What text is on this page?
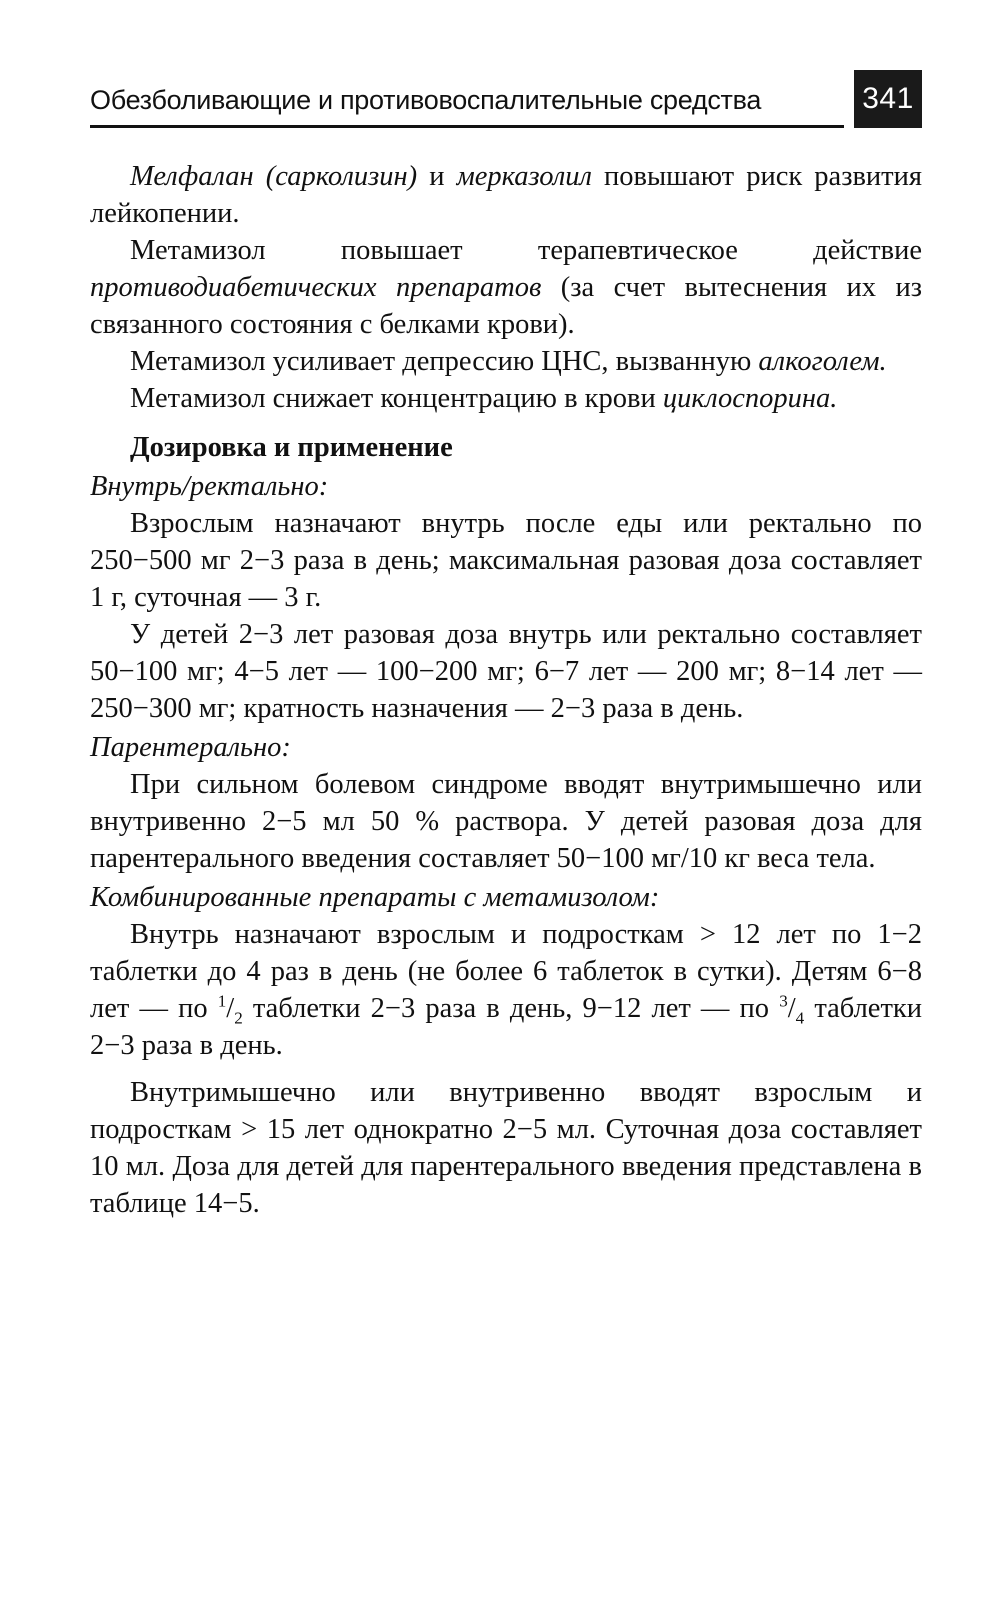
Обезболивающие и противовоспалительные средства	341

Мелфалан (сарколизин) и мерказолил повышают риск развития лейкопении.

Метамизол повышает терапевтическое действие противодиабетических препаратов (за счет вытеснения их из связанного состояния с белками крови).

Метамизол усиливает депрессию ЦНС, вызванную алкоголем.

Метамизол снижает концентрацию в крови циклоспорина.

Дозировка и применение

Внутрь/ректально:

Взрослым назначают внутрь после еды или ректально по 250−500 мг 2−3 раза в день; максимальная разовая доза составляет 1 г, суточная — 3 г.

У детей 2−3 лет разовая доза внутрь или ректально составляет 50−100 мг; 4−5 лет — 100−200 мг; 6−7 лет — 200 мг; 8−14 лет — 250−300 мг; кратность назначения — 2−3 раза в день.

Парентерально:

При сильном болевом синдроме вводят внутримышечно или внутривенно 2−5 мл 50 % раствора. У детей разовая доза для парентерального введения составляет 50−100 мг/10 кг веса тела.

Комбинированные препараты с метамизолом:

Внутрь назначают взрослым и подросткам > 12 лет по 1−2 таблетки до 4 раз в день (не более 6 таблеток в сутки). Детям 6−8 лет — по $^1/_2$ таблетки 2−3 раза в день, 9−12 лет — по $^3/_4$ таблетки 2−3 раза в день.

Внутримышечно или внутривенно вводят взрослым и подросткам > 15 лет однократно 2−5 мл. Суточная доза составляет 10 мл. Доза для детей для парентерального введения представлена в таблице 14−5.
